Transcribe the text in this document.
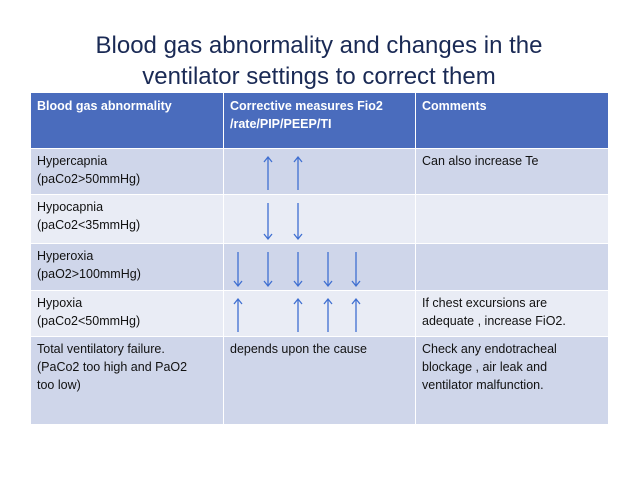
Blood gas abnormality and changes in the
ventilator settings to correct them
Blood gas abnormality	Corrective measures Fio2 /rate/PIP/PEEP/TI	Comments

Hypercapnia
(paCo2>50mmHg)		Can also increase Te

Hypocapnia
(paCo2<35mmHg)

Hyperoxia
(paO2>100mmHg)

Hypoxia
(paCo2<50mmHg)		If chest excursions are
adequate , increase FiO2.

Total ventilatory failure.
(PaCo2 too high and PaO2
too low)	depends upon the cause	Check any endotracheal
blockage , air leak and
ventilator malfunction.
